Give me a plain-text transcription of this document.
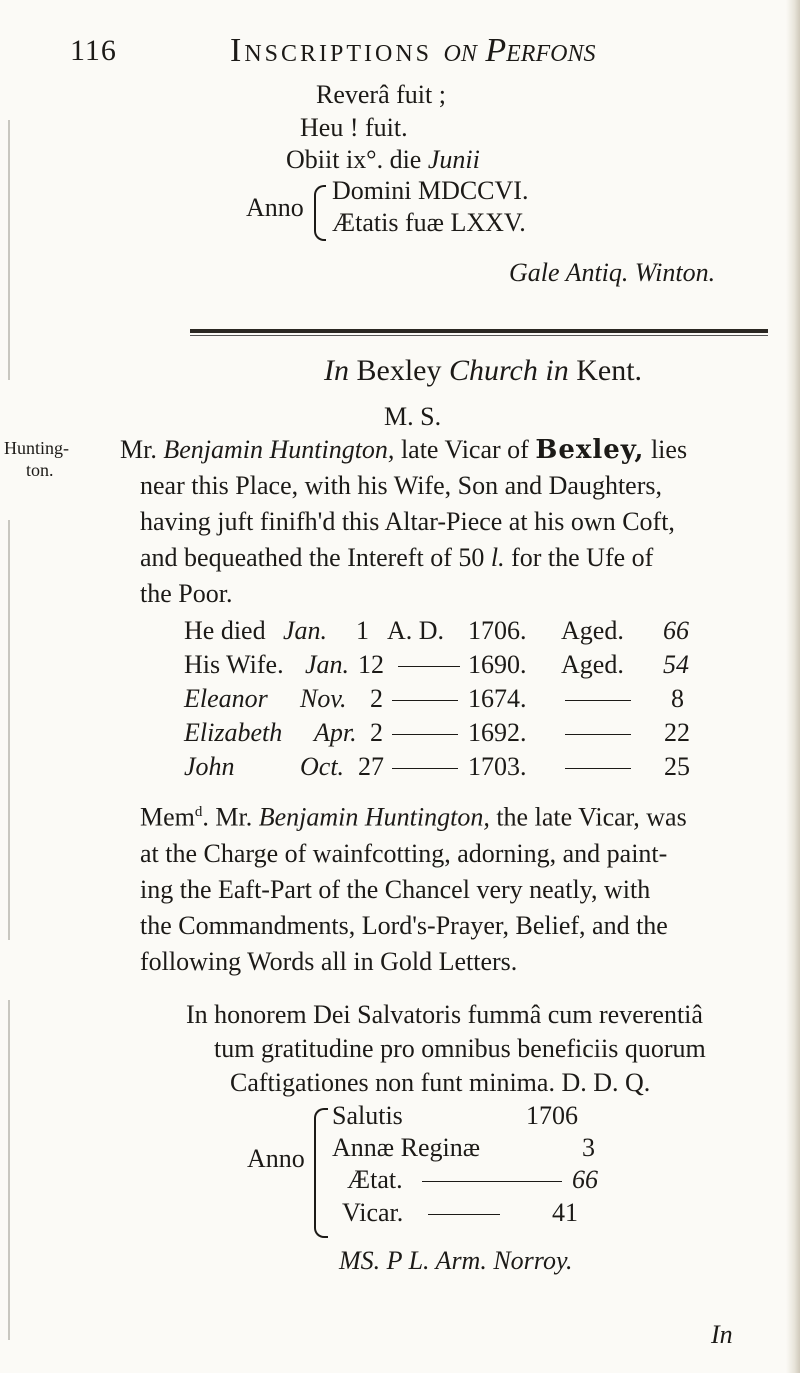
116	Inscriptions on Perfons
Reverâ fuit ;
Heu ! fuit.
Obiit ix°. die Junii
Anno
Domini MDCCVI.
Ætatis fuæ LXXV.
Gale Antiq. Winton.
In Bexley Church in Kent.
M. S.
Hunting-
ton.
Mr. Benjamin Huntington, late Vicar of Bexley, lies
near this Place, with his Wife, Son and Daughters,
having juft finifh'd this Altar-Piece at his own Coft,
and bequeathed the Intereft of 50 l. for the Ufe of
the Poor.
He died Jan. 1 A. D. 1706. Aged. 66
His Wife. Jan. 12	1690. Aged. 54
Eleanor Nov. 2	1674.	8
Elizabeth Apr. 2	1692.	22
John	Oct. 27	1703.	25
Mem$^d$. Mr. Benjamin Huntington, the late Vicar, was
at the Charge of wainfcotting, adorning, and paint-
ing the Eaft-Part of the Chancel very neatly, with
the Commandments, Lord's-Prayer, Belief, and the
following Words all in Gold Letters.
In honorem Dei Salvatoris fummâ cum reverentiâ
tum gratitudine pro omnibus beneficiis quorum
Caftigationes non funt minima. D. D. Q.
Anno
Salutis	1706
Annæ Reginæ	3
Ætat.	66
Vicar.	41
MS. P L. Arm. Norroy.
In
